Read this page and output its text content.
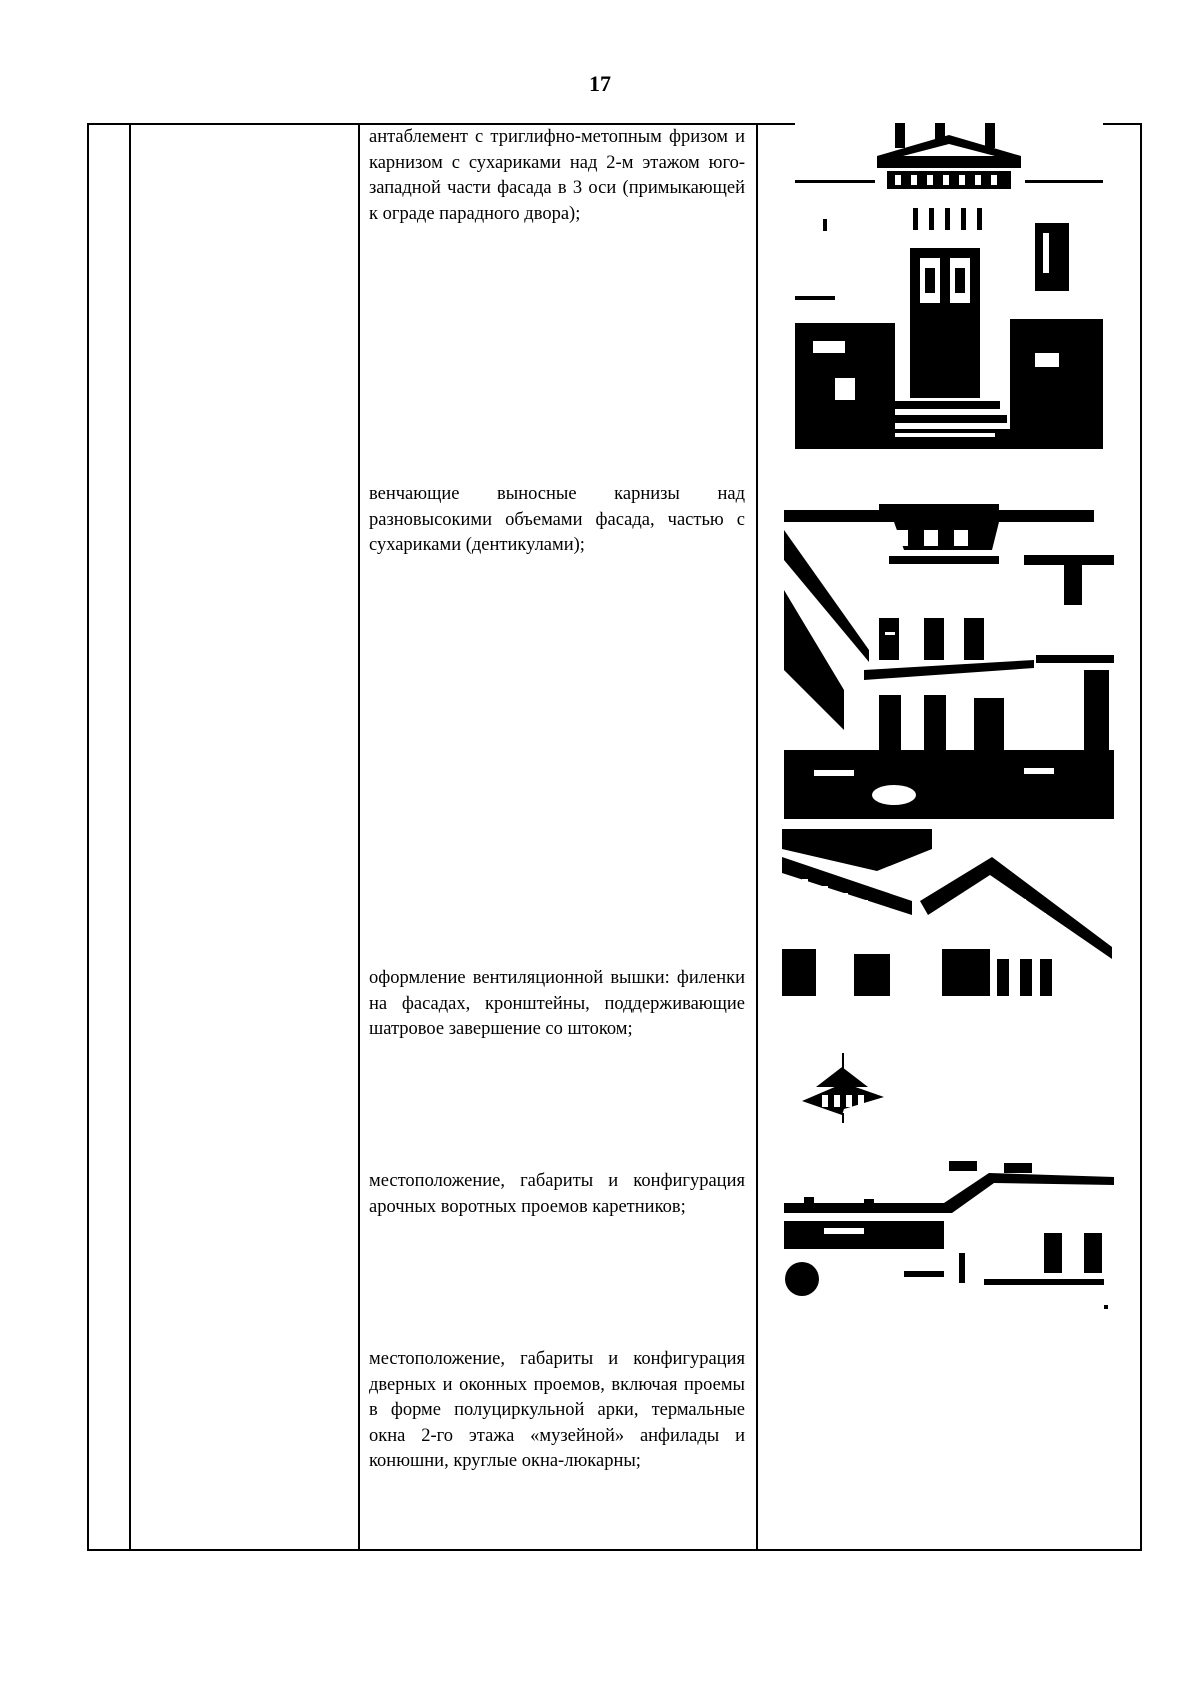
17
антаблемент с триглифно-метопным фризом и карнизом с сухариками над 2-м этажом юго-западной части фасада в 3 оси (примыкающей к ограде парадного двора);
венчающие выносные карнизы над разновысокими объемами фасада, частью с сухариками (дентикулами);
оформление вентиляционной вышки: филенки на фасадах, кронштейны, поддерживающие шатровое завершение со штоком;
местоположение, габариты и конфигурация арочных воротных проемов каретников;
местоположение, габариты и конфигурация дверных и оконных проемов, включая проемы в форме полуциркульной арки, термальные окна 2-го этажа «музейной» анфилады и конюшни, круглые окна-люкарны;
